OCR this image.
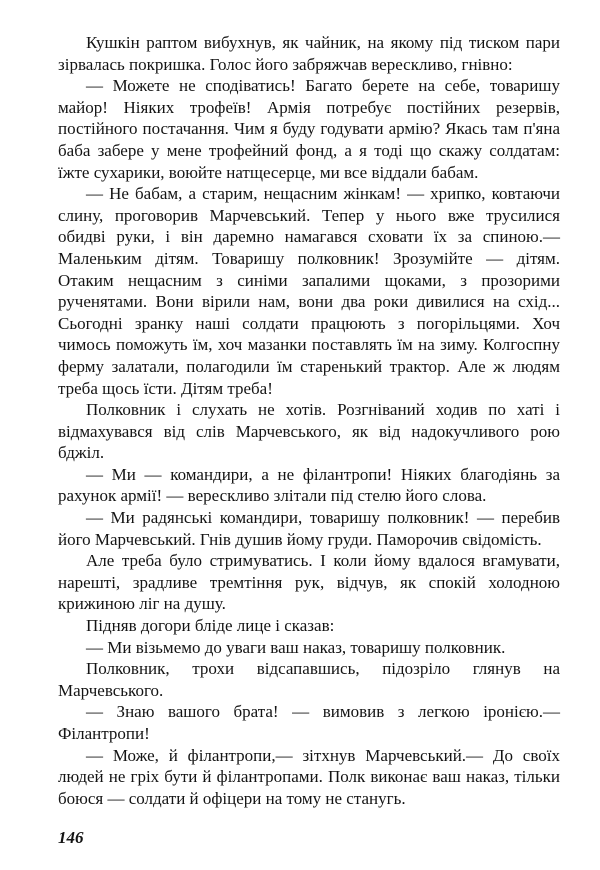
Кушкін раптом вибухнув, як чайник, на якому під тиском пари зірвалась покришка. Голос його забряжчав верескливо, гнівно:

— Можете не сподіватись! Багато берете на себе, товаришу майор! Ніяких трофеїв! Армія потребує постійних резервів, постійного постачання. Чим я буду годувати армію? Якась там п'яна баба забере у мене трофейний фонд, а я тоді що скажу солдатам: їжте сухарики, воюйте натщесерце, ми все віддали бабам.

— Не бабам, а старим, нещасним жінкам! — хрипко, ковтаючи слину, проговорив Марчевський. Тепер у нього вже трусилися обидві руки, і він даремно намагався сховати їх за спиною.— Маленьким дітям. Товаришу полковник! Зрозумійте — дітям. Отаким нещасним з синіми запалими щоками, з прозорими рученятами. Вони вірили нам, вони два роки дивилися на схід... Сьогодні зранку наші солдати працюють з погорільцями. Хоч чимось поможуть їм, хоч мазанки поставлять їм на зиму. Колгоспну ферму залатали, полагодили їм старенький трактор. Але ж людям треба щось їсти. Дітям треба!

Полковник і слухать не хотів. Розгніваний ходив по хаті і відмахувався від слів Марчевського, як від надокучливого рою бджіл.

— Ми — командири, а не філантропи! Ніяких благодіянь за рахунок армії! — верескливо злітали під стелю його слова.

— Ми радянські командири, товаришу полковник! — перебив його Марчевський. Гнів душив йому груди. Паморочив свідомість.

Але треба було стримуватись. І коли йому вдалося вгамувати, нарешті, зрадливе тремтіння рук, відчув, як спокій холодною крижиною ліг на душу.

Підняв догори бліде лице і сказав:

— Ми візьмемо до уваги ваш наказ, товаришу полковник.

Полковник, трохи відсапавшись, підозріло глянув на Марчевського.

— Знаю вашого брата! — вимовив з легкою іронією.— Філантропи!

— Може, й філантропи,— зітхнув Марчевський.— До своїх людей не гріх бути й філантропами. Полк виконає ваш наказ, тільки боюся — солдати й офіцери на тому не станугь.

146
